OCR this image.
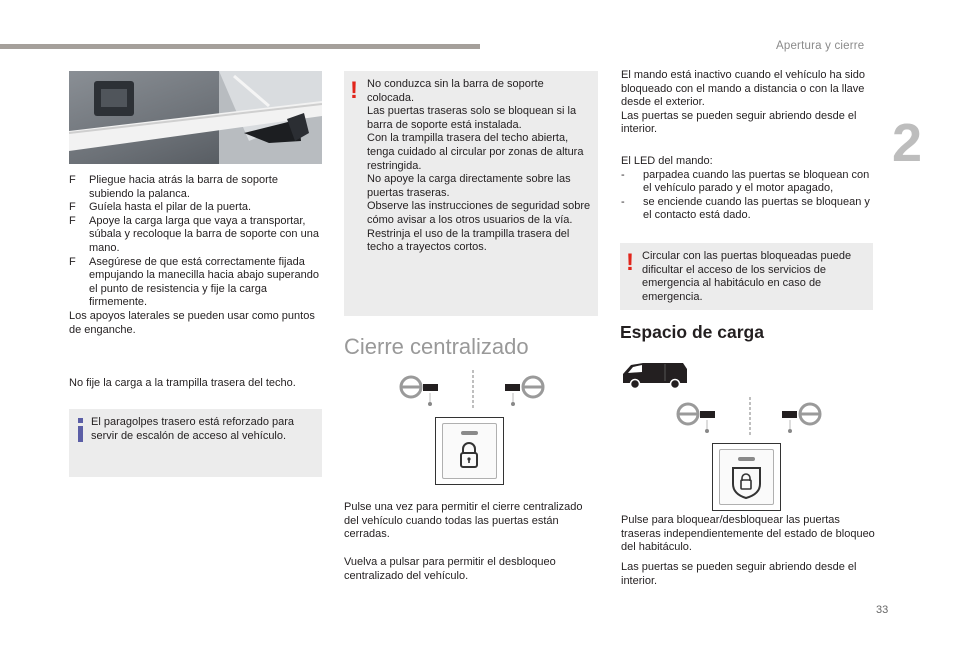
Apertura y cierre
2
33
F Pliegue hacia atrás la barra de soporte subiendo la palanca.
F Guíela hasta el pilar de la puerta.
F Apoye la carga larga que vaya a transportar, súbala y recoloque la barra de soporte con una mano.
F Asegúrese de que está correctamente fijada empujando la manecilla hacia abajo superando el punto de resistencia y fije la carga firmemente.
Los apoyos laterales se pueden usar como puntos de enganche.
No fije la carga a la trampilla trasera del techo.
El paragolpes trasero está reforzado para servir de escalón de acceso al vehículo.
! No conduzca sin la barra de soporte colocada.
Las puertas traseras solo se bloquean si la barra de soporte está instalada.
Con la trampilla trasera del techo abierta, tenga cuidado al circular por zonas de altura restringida.
No apoye la carga directamente sobre las puertas traseras.
Observe las instrucciones de seguridad sobre cómo avisar a los otros usuarios de la vía.
Restrinja el uso de la trampilla trasera del techo a trayectos cortos.
Cierre centralizado
Pulse una vez para permitir el cierre centralizado del vehículo cuando todas las puertas están cerradas.
Vuelva a pulsar para permitir el desbloqueo centralizado del vehículo.
El mando está inactivo cuando el vehículo ha sido bloqueado con el mando a distancia o con la llave desde el exterior.
Las puertas se pueden seguir abriendo desde el interior.
El LED del mando:
- parpadea cuando las puertas se bloquean con el vehículo parado y el motor apagado,
- se enciende cuando las puertas se bloquean y el contacto está dado.
! Circular con las puertas bloqueadas puede dificultar el acceso de los servicios de emergencia al habitáculo en caso de emergencia.
Espacio de carga
Pulse para bloquear/desbloquear las puertas traseras independientemente del estado de bloqueo del habitáculo.
Las puertas se pueden seguir abriendo desde el interior.
